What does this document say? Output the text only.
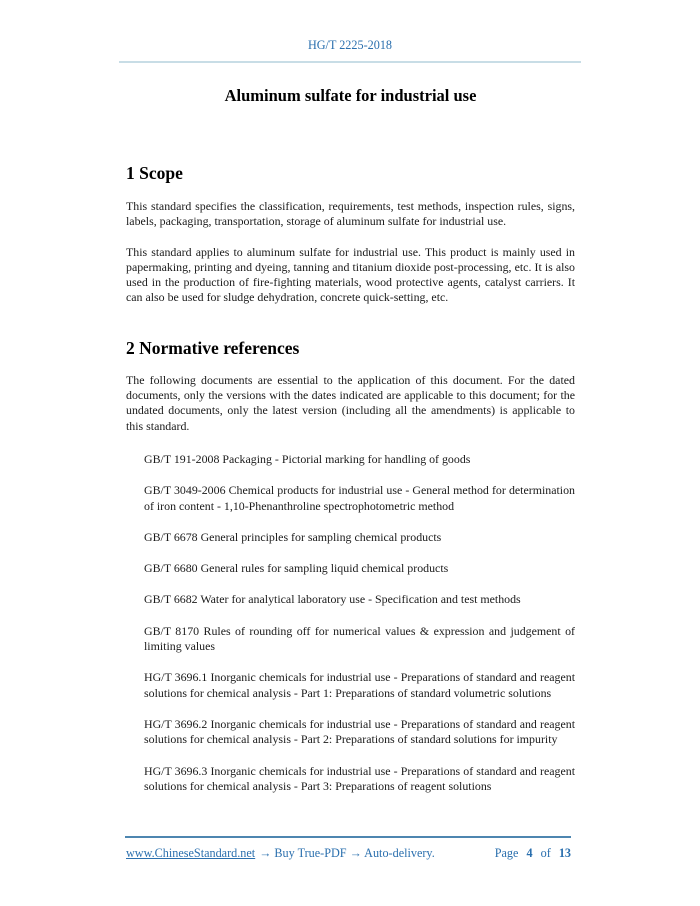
HG/T 2225-2018
Aluminum sulfate for industrial use
1 Scope

This standard specifies the classification, requirements, test methods, inspection rules, signs, labels, packaging, transportation, storage of aluminum sulfate for industrial use.

This standard applies to aluminum sulfate for industrial use. This product is mainly used in papermaking, printing and dyeing, tanning and titanium dioxide post-processing, etc. It is also used in the production of fire-fighting materials, wood protective agents, catalyst carriers. It can also be used for sludge dehydration, concrete quick-setting, etc.

2 Normative references

The following documents are essential to the application of this document. For the dated documents, only the versions with the dates indicated are applicable to this document; for the undated documents, only the latest version (including all the amendments) is applicable to this standard.

GB/T 191-2008 Packaging - Pictorial marking for handling of goods

GB/T 3049-2006 Chemical products for industrial use - General method for determination of iron content - 1,10-Phenanthroline spectrophotometric method

GB/T 6678 General principles for sampling chemical products

GB/T 6680 General rules for sampling liquid chemical products

GB/T 6682 Water for analytical laboratory use - Specification and test methods

GB/T 8170 Rules of rounding off for numerical values & expression and judgement of limiting values

HG/T 3696.1 Inorganic chemicals for industrial use - Preparations of standard and reagent solutions for chemical analysis - Part 1: Preparations of standard volumetric solutions

HG/T 3696.2 Inorganic chemicals for industrial use - Preparations of standard and reagent solutions for chemical analysis - Part 2: Preparations of standard solutions for impurity

HG/T 3696.3 Inorganic chemicals for industrial use - Preparations of standard and reagent solutions for chemical analysis - Part 3: Preparations of reagent solutions

www.ChineseStandard.net → Buy True-PDF → Auto-delivery.	Page 4 of 13
